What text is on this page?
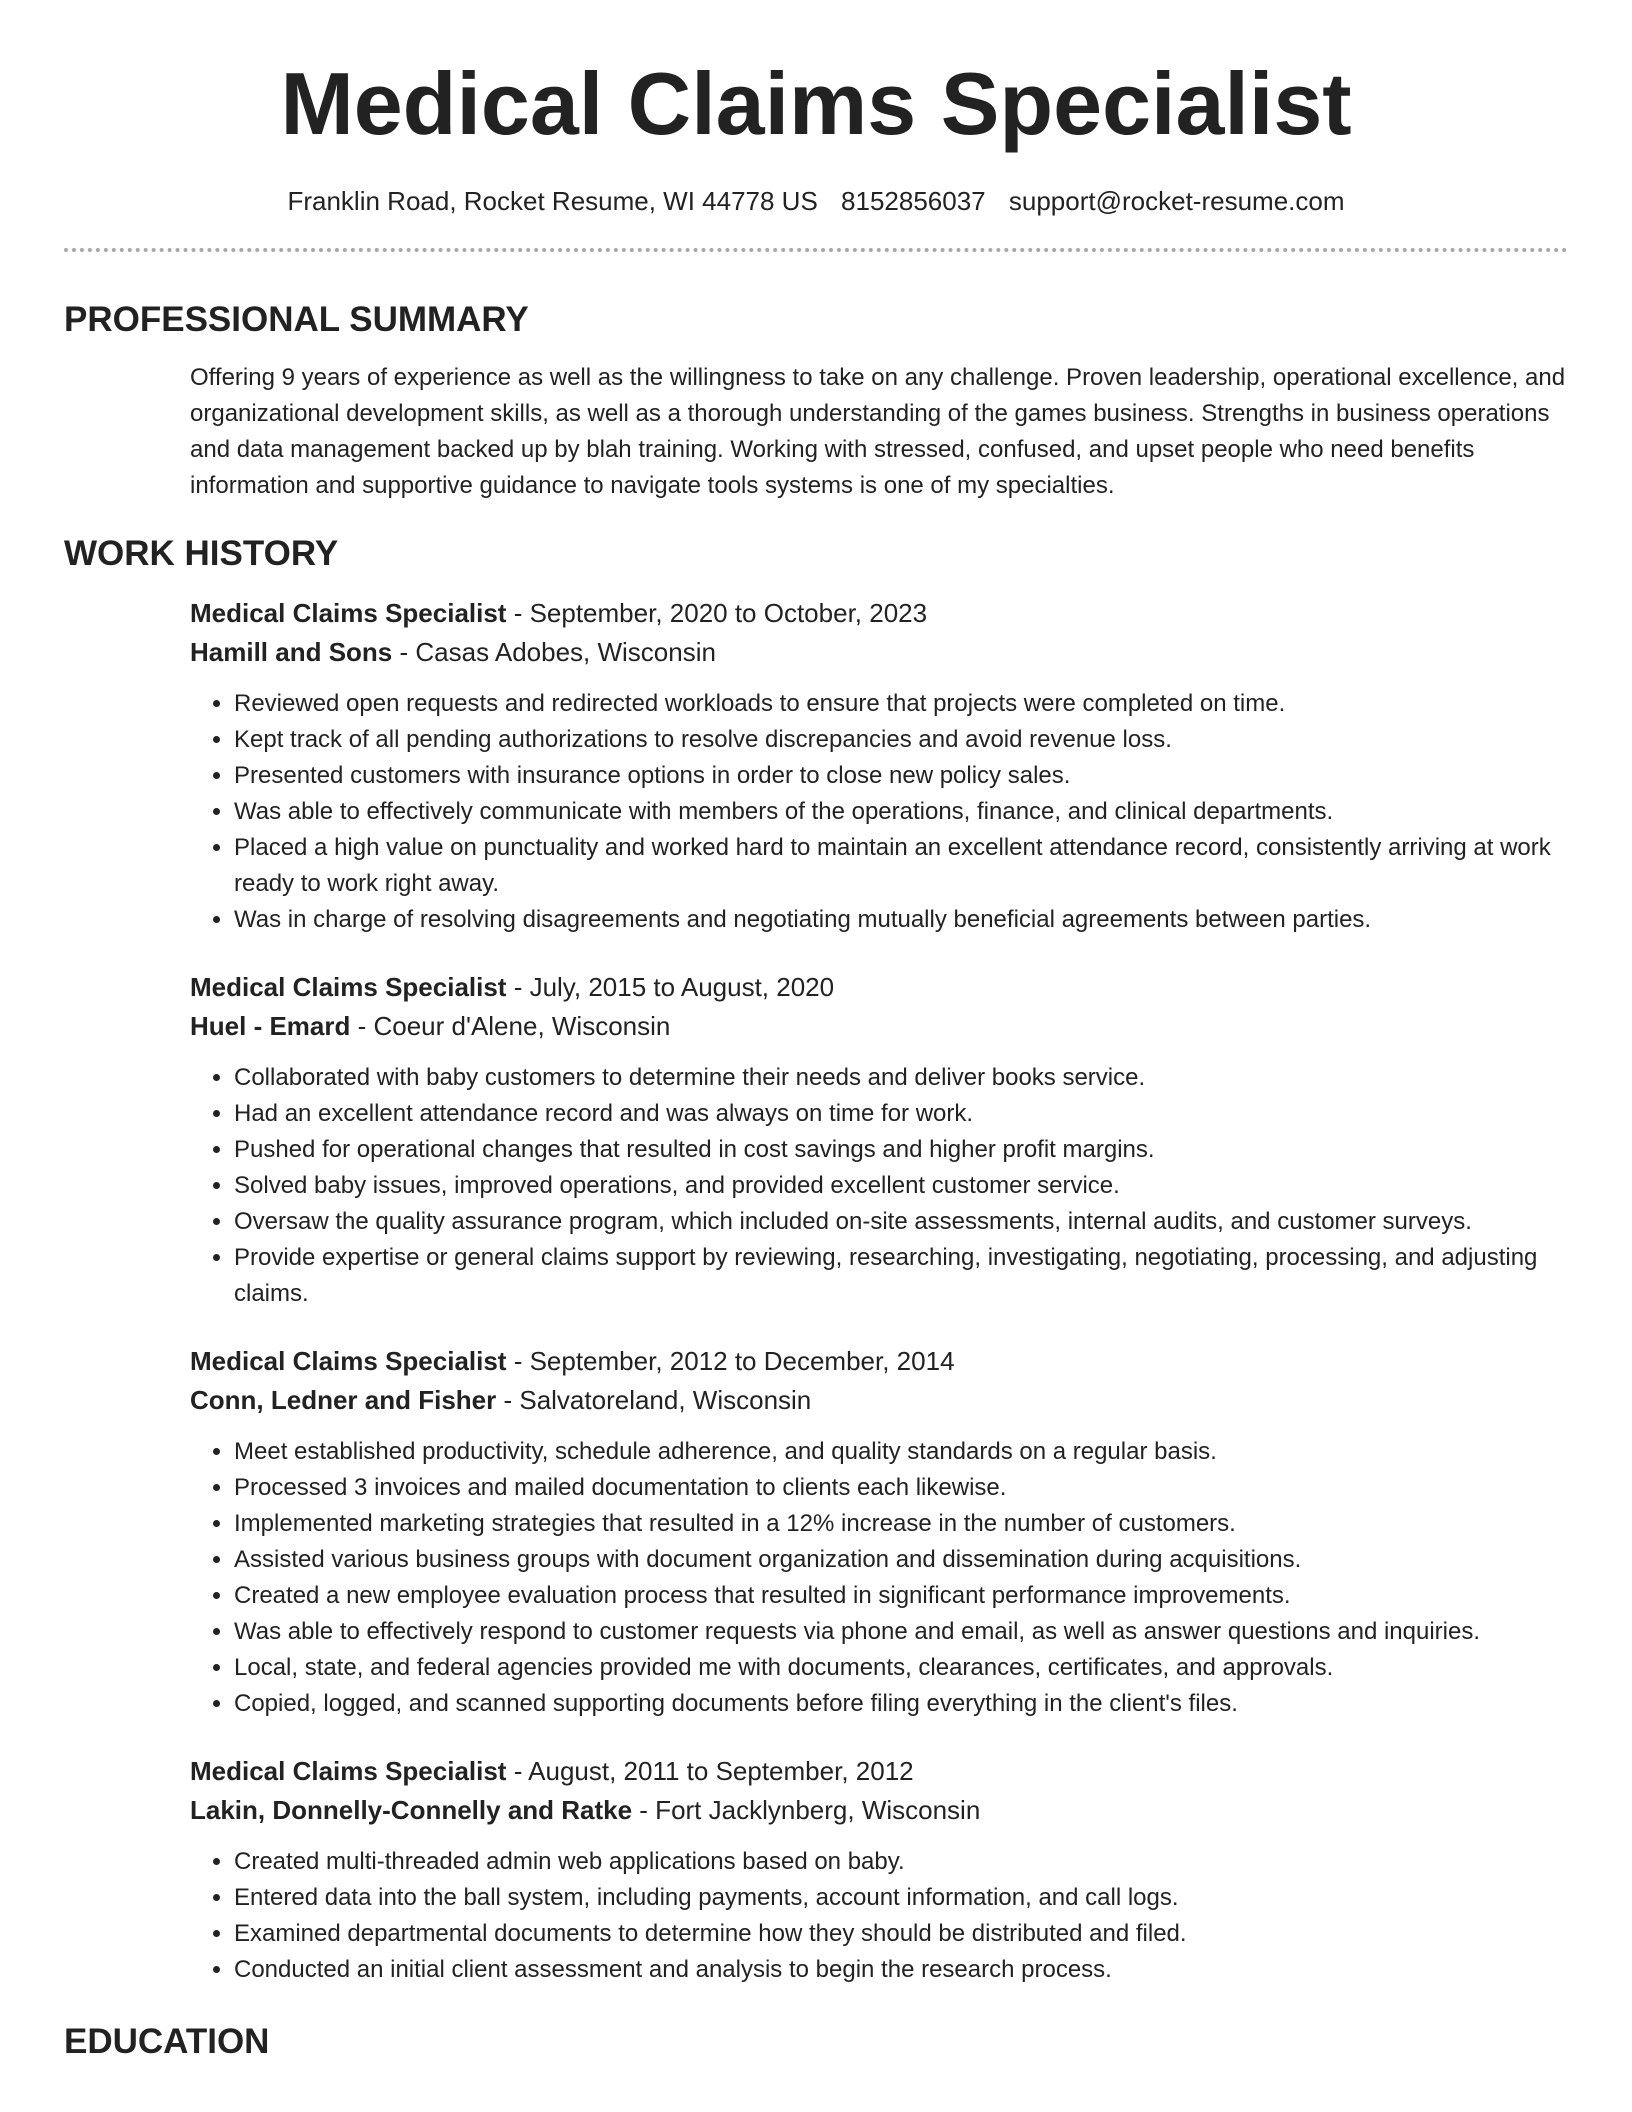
Medical Claims Specialist
Franklin Road, Rocket Resume, WI 44778 US 8152856037 support@rocket-resume.com
PROFESSIONAL SUMMARY

Offering 9 years of experience as well as the willingness to take on any challenge. Proven leadership, operational excellence, and organizational development skills, as well as a thorough understanding of the games business. Strengths in business operations and data management backed up by blah training. Working with stressed, confused, and upset people who need benefits information and supportive guidance to navigate tools systems is one of my specialties.

WORK HISTORY
Medical Claims Specialist - September, 2020 to October, 2023
Hamill and Sons - Casas Adobes, Wisconsin
• Reviewed open requests and redirected workloads to ensure that projects were completed on time.
• Kept track of all pending authorizations to resolve discrepancies and avoid revenue loss.
• Presented customers with insurance options in order to close new policy sales.
• Was able to effectively communicate with members of the operations, finance, and clinical departments.
• Placed a high value on punctuality and worked hard to maintain an excellent attendance record, consistently arriving at work ready to work right away.
• Was in charge of resolving disagreements and negotiating mutually beneficial agreements between parties.
Medical Claims Specialist - July, 2015 to August, 2020
Huel - Emard - Coeur d'Alene, Wisconsin
• Collaborated with baby customers to determine their needs and deliver books service.
• Had an excellent attendance record and was always on time for work.
• Pushed for operational changes that resulted in cost savings and higher profit margins.
• Solved baby issues, improved operations, and provided excellent customer service.
• Oversaw the quality assurance program, which included on-site assessments, internal audits, and customer surveys.
• Provide expertise or general claims support by reviewing, researching, investigating, negotiating, processing, and adjusting claims.
Medical Claims Specialist - September, 2012 to December, 2014
Conn, Ledner and Fisher - Salvatoreland, Wisconsin
• Meet established productivity, schedule adherence, and quality standards on a regular basis.
• Processed 3 invoices and mailed documentation to clients each likewise.
• Implemented marketing strategies that resulted in a 12% increase in the number of customers.
• Assisted various business groups with document organization and dissemination during acquisitions.
• Created a new employee evaluation process that resulted in significant performance improvements.
• Was able to effectively respond to customer requests via phone and email, as well as answer questions and inquiries.
• Local, state, and federal agencies provided me with documents, clearances, certificates, and approvals.
• Copied, logged, and scanned supporting documents before filing everything in the client's files.
Medical Claims Specialist - August, 2011 to September, 2012
Lakin, Donnelly-Connelly and Ratke - Fort Jacklynberg, Wisconsin
• Created multi-threaded admin web applications based on baby.
• Entered data into the ball system, including payments, account information, and call logs.
• Examined departmental documents to determine how they should be distributed and filed.
• Conducted an initial client assessment and analysis to begin the research process.
EDUCATION
